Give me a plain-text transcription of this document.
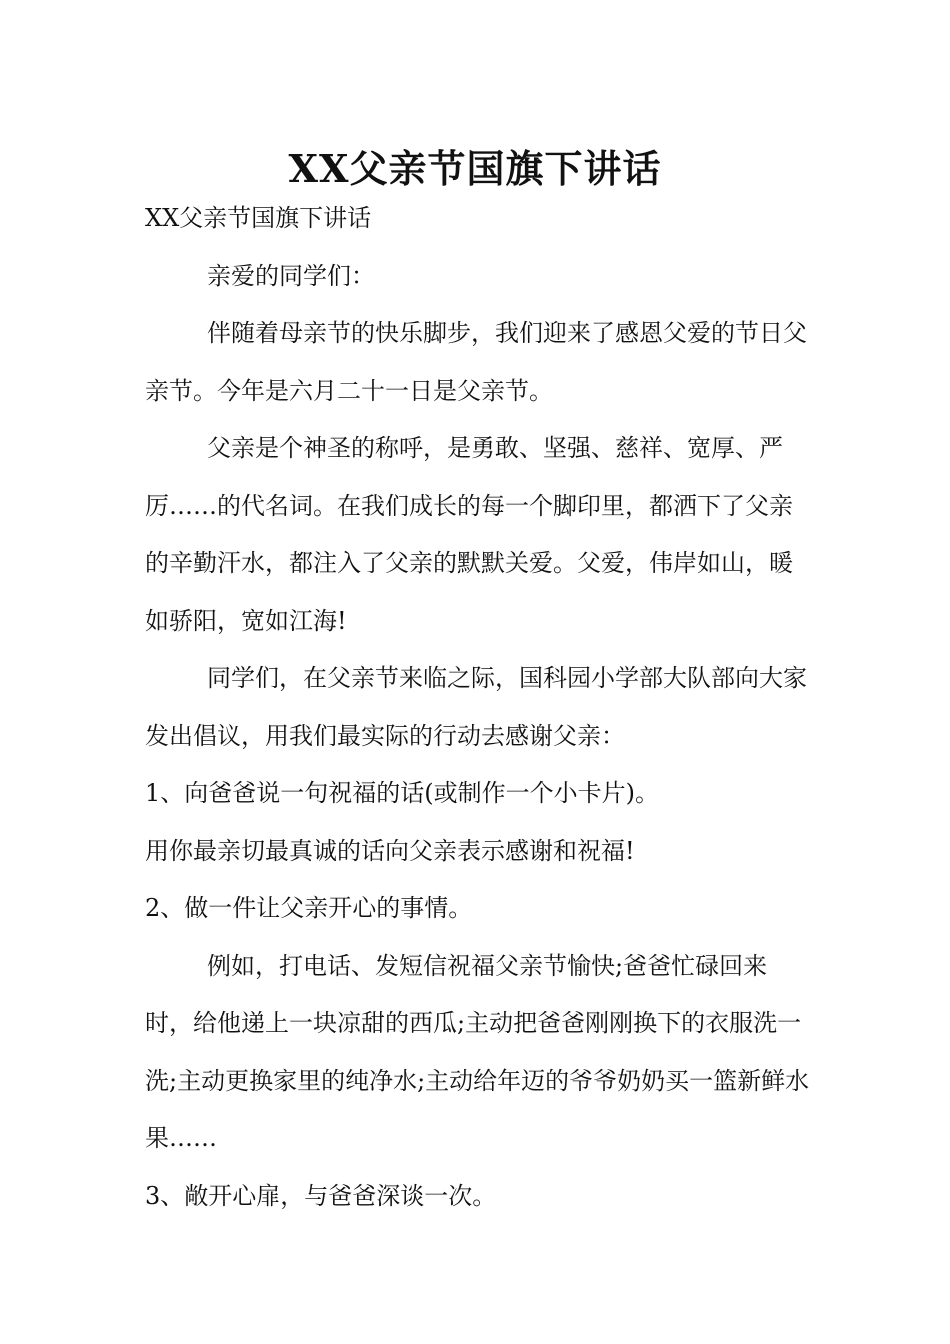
XX父亲节国旗下讲话

XX父亲节国旗下讲话

亲爱的同学们：

伴随着母亲节的快乐脚步，我们迎来了感恩父爱的节日父亲节。今年是六月二十一日是父亲节。

父亲是个神圣的称呼，是勇敢、坚强、慈祥、宽厚、严厉……的代名词。在我们成长的每一个脚印里，都洒下了父亲的辛勤汗水，都注入了父亲的默默关爱。父爱，伟岸如山，暖如骄阳，宽如江海!

同学们，在父亲节来临之际，国科园小学部大队部向大家发出倡议，用我们最实际的行动去感谢父亲：

1、向爸爸说一句祝福的话(或制作一个小卡片)。

用你最亲切最真诚的话向父亲表示感谢和祝福!

2、做一件让父亲开心的事情。

例如，打电话、发短信祝福父亲节愉快;爸爸忙碌回来时，给他递上一块凉甜的西瓜;主动把爸爸刚刚换下的衣服洗一洗;主动更换家里的纯净水;主动给年迈的爷爷奶奶买一篮新鲜水果……

3、敞开心扉，与爸爸深谈一次。
